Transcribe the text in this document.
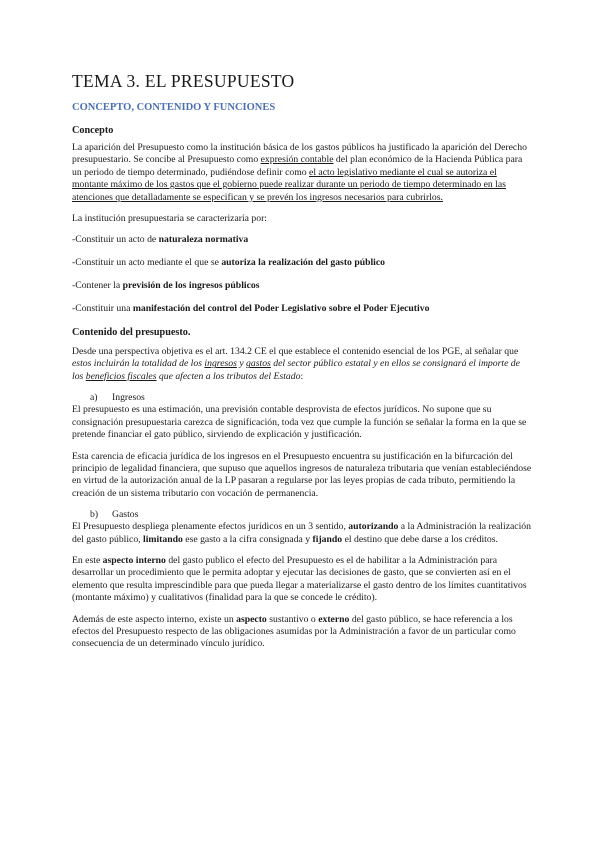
TEMA 3. EL PRESUPUESTO
CONCEPTO, CONTENIDO Y FUNCIONES
Concepto

La aparición del Presupuesto como la institución básica de los gastos públicos ha justificado la aparición del Derecho presupuestario. Se concibe al Presupuesto como expresión contable del plan económico de la Hacienda Pública para un periodo de tiempo determinado, pudiéndose definir como el acto legislativo mediante el cual se autoriza el montante máximo de los gastos que el gobierno puede realizar durante un periodo de tiempo determinado en las atenciones que detalladamente se especifican y se prevén los ingresos necesarios para cubrirlos.

La institución presupuestaria se caracterizaría por:

-Constituir un acto de naturaleza normativa

-Constituir un acto mediante el que se autoriza la realización del gasto público

-Contener la previsión de los ingresos públicos

-Constituir una manifestación del control del Poder Legislativo sobre el Poder Ejecutivo

Contenido del presupuesto.

Desde una perspectiva objetiva es el art. 134.2 CE el que establece el contenido esencial de los PGE, al señalar que estos incluirán la totalidad de los ingresos y gastos del sector público estatal y en ellos se consignará el importe de los beneficios fiscales que afecten a los tributos del Estado:

a) Ingresos

El presupuesto es una estimación, una previsión contable desprovista de efectos jurídicos. No supone que su consignación presupuestaria carezca de significación, toda vez que cumple la función se señalar la forma en la que se pretende financiar el gato público, sirviendo de explicación y justificación.

Esta carencia de eficacia jurídica de los ingresos en el Presupuesto encuentra su justificación en la bifurcación del principio de legalidad financiera, que supuso que aquellos ingresos de naturaleza tributaria que venían estableciéndose en virtud de la autorización anual de la LP pasaran a regularse por las leyes propias de cada tributo, permitiendo la creación de un sistema tributario con vocación de permanencia.

b) Gastos

El Presupuesto despliega plenamente efectos jurídicos en un 3 sentido, autorizando a la Administración la realización del gasto público, limitando ese gasto a la cifra consignada y fijando el destino que debe darse a los créditos.

En este aspecto interno del gasto publico el efecto del Presupuesto es el de habilitar a la Administración para desarrollar un procedimiento que le permita adoptar y ejecutar las decisiones de gasto, que se convierten así en el elemento que resulta imprescindible para que pueda llegar a materializarse el gasto dentro de los límites cuantitativos (montante máximo) y cualitativos (finalidad para la que se concede le crédito).

Además de este aspecto interno, existe un aspecto sustantivo o externo del gasto público, se hace referencia a los efectos del Presupuesto respecto de las obligaciones asumidas por la Administración a favor de un particular como consecuencia de un determinado vínculo jurídico.
